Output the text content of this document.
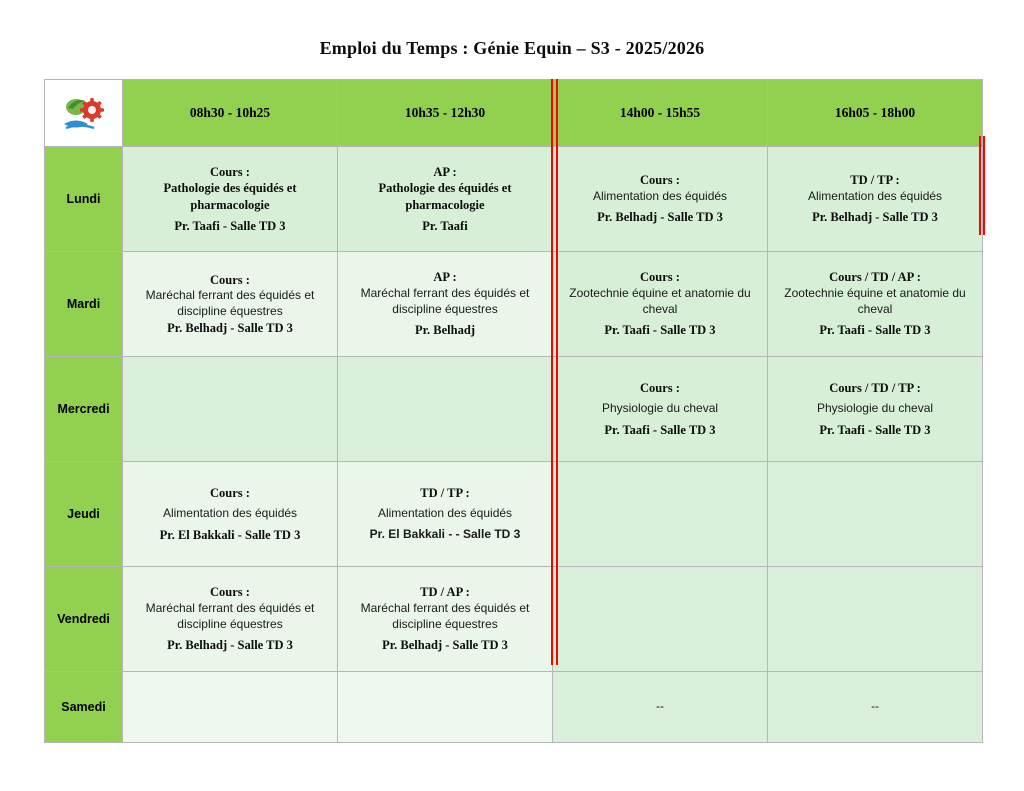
Emploi du Temps : Génie Equin – S3 - 2025/2026
	08h30 - 10h25	10h35 - 12h30	14h00 - 15h55	16h05 - 18h00
Lundi	Cours :
Pathologie des équidés et pharmacologie
Pr. Taafi - Salle TD 3	AP :
Pathologie des équidés et pharmacologie
Pr. Taafi	Cours :
Alimentation des équidés
Pr. Belhadj - Salle TD 3	TD / TP :
Alimentation des équidés
Pr. Belhadj - Salle TD 3

Mardi	Cours :
Maréchal ferrant des équidés et discipline équestres
Pr. Belhadj - Salle TD 3	AP :
Maréchal ferrant des équidés et discipline équestres
Pr. Belhadj	Cours :
Zootechnie équine et anatomie du cheval
Pr. Taafi - Salle TD 3	Cours / TD / AP :
Zootechnie équine et anatomie du cheval
Pr. Taafi - Salle TD 3

Mercredi			Cours :
Physiologie du cheval
Pr. Taafi - Salle TD 3	Cours / TD / TP :
Physiologie du cheval
Pr. Taafi - Salle TD 3

Jeudi	Cours :
Alimentation des équidés
Pr. El Bakkali - Salle TD 3	TD / TP :
Alimentation des équidés
Pr. El Bakkali - - Salle TD 3		

Vendredi	Cours :
Maréchal ferrant des équidés et discipline équestres
Pr. Belhadj - Salle TD 3	TD / AP :
Maréchal ferrant des équidés et discipline équestres
Pr. Belhadj - Salle TD 3		

Samedi			--	--
